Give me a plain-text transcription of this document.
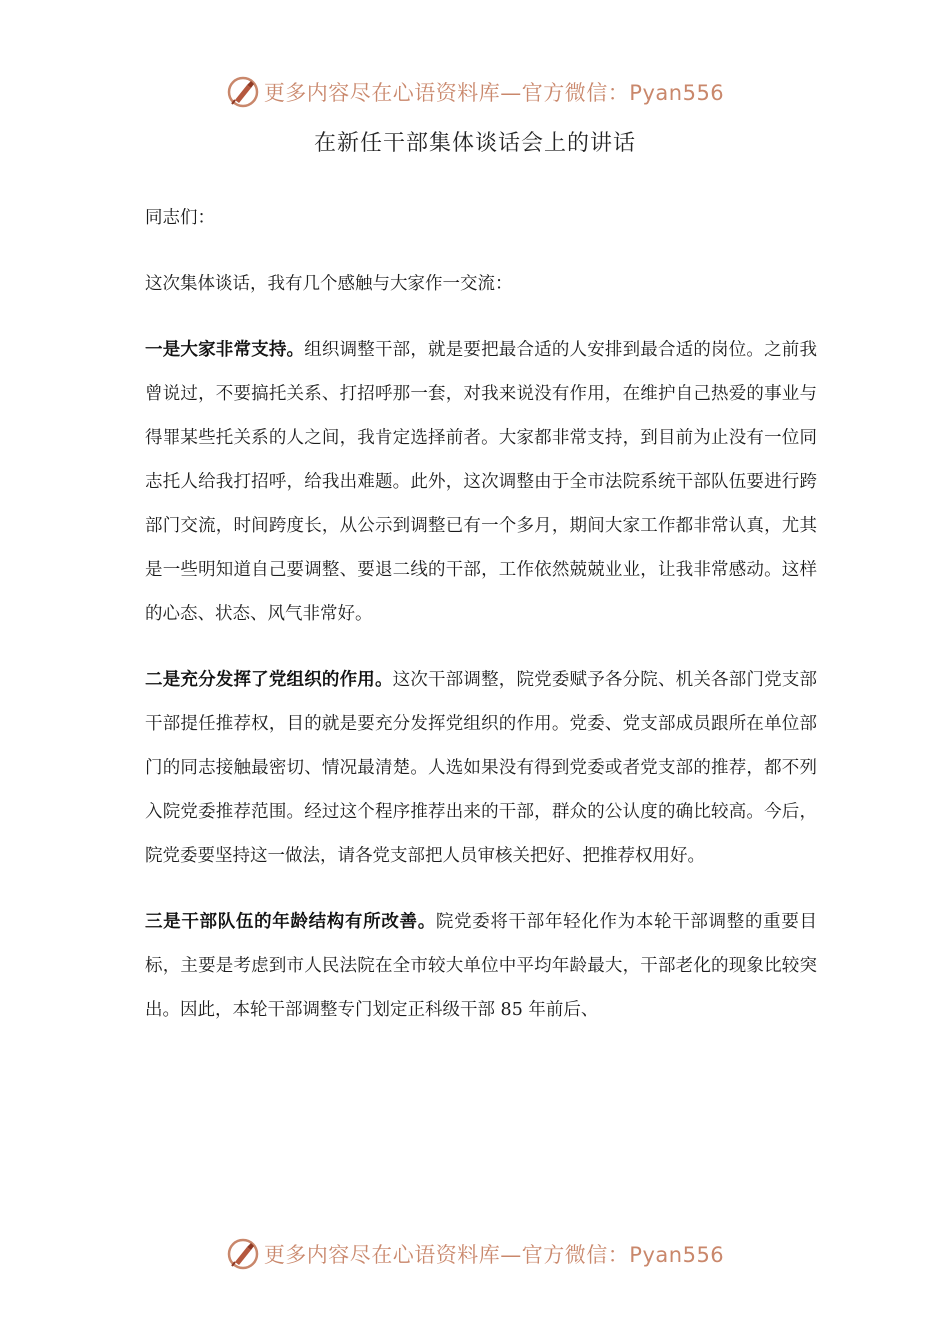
更多内容尽在心语资料库—官方微信：Pyan556
在新任干部集体谈话会上的讲话

同志们：

这次集体谈话，我有几个感触与大家作一交流：

一是大家非常支持。组织调整干部，就是要把最合适的人安排到最合适的岗位。之前我曾说过，不要搞托关系、打招呼那一套，对我来说没有作用，在维护自己热爱的事业与得罪某些托关系的人之间，我肯定选择前者。大家都非常支持，到目前为止没有一位同志托人给我打招呼，给我出难题。此外，这次调整由于全市法院系统干部队伍要进行跨部门交流，时间跨度长，从公示到调整已有一个多月，期间大家工作都非常认真，尤其是一些明知道自己要调整、要退二线的干部，工作依然兢兢业业，让我非常感动。这样的心态、状态、风气非常好。

二是充分发挥了党组织的作用。这次干部调整，院党委赋予各分院、机关各部门党支部干部提任推荐权，目的就是要充分发挥党组织的作用。党委、党支部成员跟所在单位部门的同志接触最密切、情况最清楚。人选如果没有得到党委或者党支部的推荐，都不列入院党委推荐范围。经过这个程序推荐出来的干部，群众的公认度的确比较高。今后，院党委要坚持这一做法，请各党支部把人员审核关把好、把推荐权用好。

三是干部队伍的年龄结构有所改善。院党委将干部年轻化作为本轮干部调整的重要目标，主要是考虑到市人民法院在全市较大单位中平均年龄最大，干部老化的现象比较突出。因此，本轮干部调整专门划定正科级干部 85 年前后、

更多内容尽在心语资料库—官方微信：Pyan556
